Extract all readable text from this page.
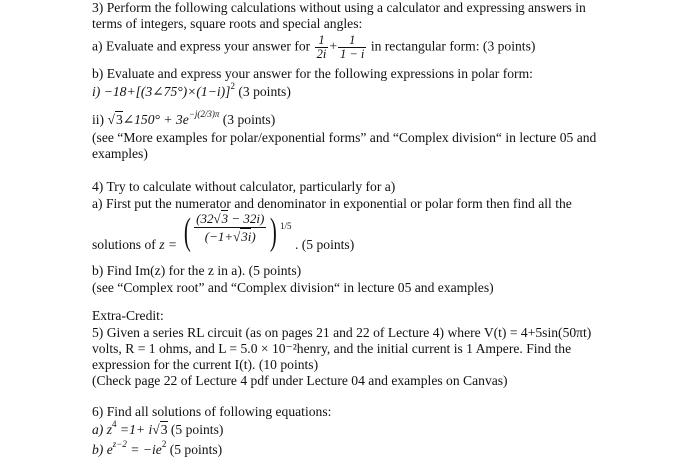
3) Perform the following calculations without using a calculator and expressing answers in
terms of integers, square roots and special angles:
a) Evaluate and express your answer for $\frac{1}{2i} + \frac{1}{1 - i}$ in rectangular form: (3 points)
b) Evaluate and express your answer for the following expressions in polar form:
i) −18+[(3∠75°)×(1−i)]$^2$ (3 points)
ii) √3∠150° + $3e^{-j(2/3)\pi}$ (3 points)
(see “More examples for polar/exponential forms” and “Complex division“ in lecture 05 and
examples)
4) Try to calculate without calculator, particularly for a)
a) First put the numerator and denominator in exponential or polar form then find all the
solutions of z = ( $\frac{(32√3 - 32i)}{(-1+√3i)}$ ) $^{1/5}$ . (5 points)
b) Find Im(z) for the z in a). (5 points)
(see “Complex root” and “Complex division“ in lecture 05 and examples)
Extra-Credit:
5) Given a series RL circuit (as on pages 21 and 22 of Lecture 4) where V(t) = 4+5sin(50πt)
volts, R = 1 ohms, and L = 5.0 × 10⁻²henry, and the initial current is 1 Ampere. Find the
expression for the current I(t). (10 points)
(Check page 22 of Lecture 4 pdf under Lecture 04 and examples on Canvas)
6) Find all solutions of following equations:
a) $z^4 =1+ i√3$ (5 points)
b) $e^{z-2} = -ie^2$ (5 points)
